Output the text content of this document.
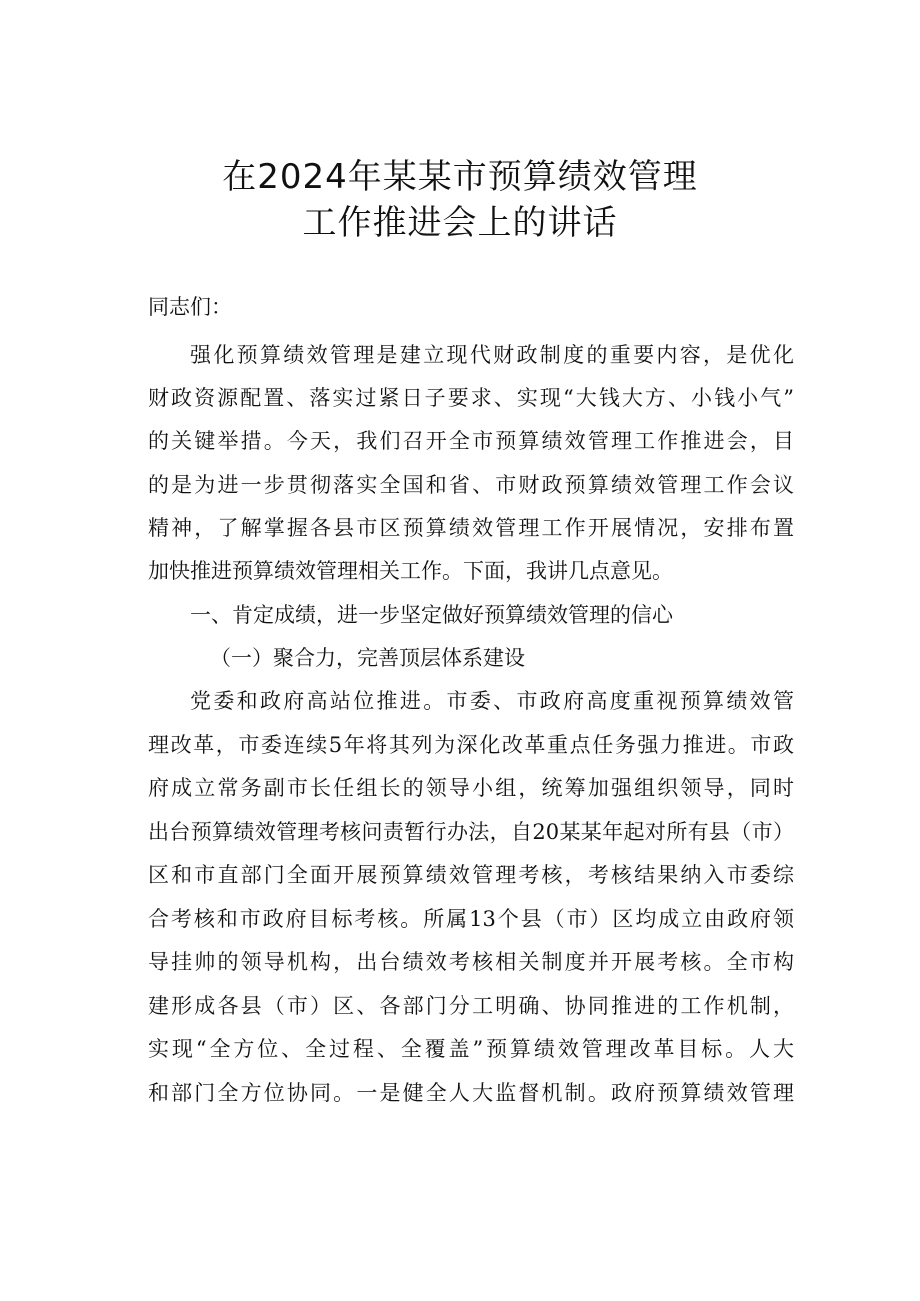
在2024年某某市预算绩效管理
工作推进会上的讲话
同志们：
强化预算绩效管理是建立现代财政制度的重要内容，是优化
财政资源配置、落实过紧日子要求、实现“大钱大方、小钱小气”
的关键举措。今天，我们召开全市预算绩效管理工作推进会，目
的是为进一步贯彻落实全国和省、市财政预算绩效管理工作会议
精神，了解掌握各县市区预算绩效管理工作开展情况，安排布置
加快推进预算绩效管理相关工作。下面，我讲几点意见。
一、肯定成绩，进一步坚定做好预算绩效管理的信心
（一）聚合力，完善顶层体系建设
党委和政府高站位推进。市委、市政府高度重视预算绩效管
理改革，市委连续5年将其列为深化改革重点任务强力推进。市政
府成立常务副市长任组长的领导小组，统筹加强组织领导，同时
出台预算绩效管理考核问责暂行办法，自20某某年起对所有县（市）
区和市直部门全面开展预算绩效管理考核，考核结果纳入市委综
合考核和市政府目标考核。所属13个县（市）区均成立由政府领
导挂帅的领导机构，出台绩效考核相关制度并开展考核。全市构
建形成各县（市）区、各部门分工明确、协同推进的工作机制，
实现“全方位、全过程、全覆盖”预算绩效管理改革目标。人大
和部门全方位协同。一是健全人大监督机制。政府预算绩效管理
